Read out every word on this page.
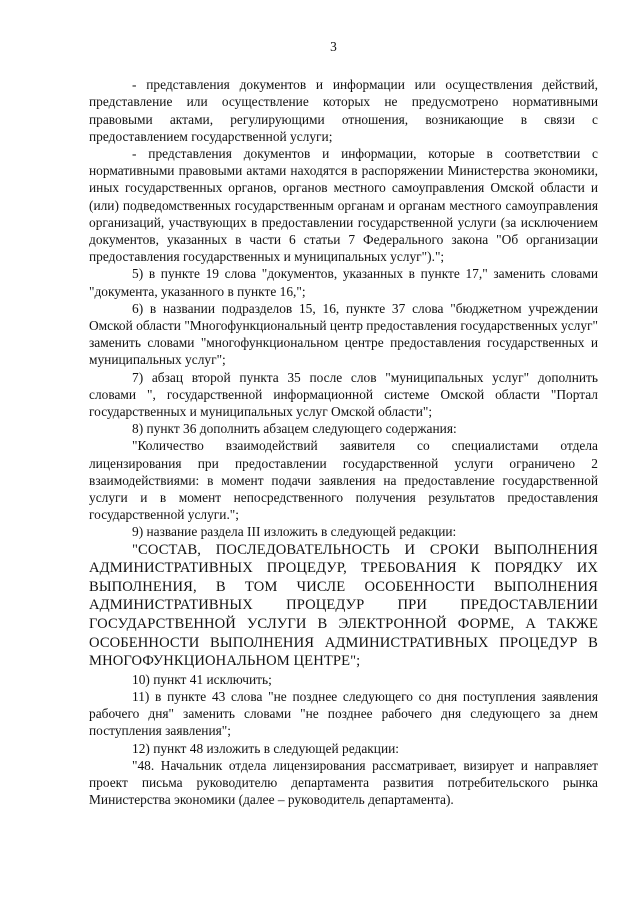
3

- представления документов и информации или осуществления действий, представление или осуществление которых не предусмотрено нормативными правовыми актами, регулирующими отношения, возникающие в связи с предоставлением государственной услуги;

- представления документов и информации, которые в соответствии с нормативными правовыми актами находятся в распоряжении Министерства экономики, иных государственных органов, органов местного самоуправления Омской области и (или) подведомственных государственным органам и органам местного самоуправления организаций, участвующих в предоставлении государственной услуги (за исключением документов, указанных в части 6 статьи 7 Федерального закона "Об организации предоставления государственных и муниципальных услуг").";

5) в пункте 19 слова "документов, указанных в пункте 17," заменить словами "документа, указанного в пункте 16,";

6) в названии подразделов 15, 16, пункте 37 слова "бюджетном учреждении Омской области "Многофункциональный центр предоставления государственных услуг" заменить словами "многофункциональном центре предоставления государственных и муниципальных услуг";

7) абзац второй пункта 35 после слов "муниципальных услуг" дополнить словами ", государственной информационной системе Омской области "Портал государственных и муниципальных услуг Омской области";

8) пункт 36 дополнить абзацем следующего содержания:

"Количество взаимодействий заявителя со специалистами отдела лицензирования при предоставлении государственной услуги ограничено 2 взаимодействиями: в момент подачи заявления на предоставление государственной услуги и в момент непосредственного получения результатов предоставления государственной услуги.";

9) название раздела III изложить в следующей редакции:

"СОСТАВ, ПОСЛЕДОВАТЕЛЬНОСТЬ И СРОКИ ВЫПОЛНЕНИЯ АДМИНИСТРАТИВНЫХ ПРОЦЕДУР, ТРЕБОВАНИЯ К ПОРЯДКУ ИХ ВЫПОЛНЕНИЯ, В ТОМ ЧИСЛЕ ОСОБЕННОСТИ ВЫПОЛНЕНИЯ АДМИНИСТРАТИВНЫХ ПРОЦЕДУР ПРИ ПРЕДОСТАВЛЕНИИ ГОСУДАРСТВЕННОЙ УСЛУГИ В ЭЛЕКТРОННОЙ ФОРМЕ, А ТАКЖЕ ОСОБЕННОСТИ ВЫПОЛНЕНИЯ АДМИНИСТРАТИВНЫХ ПРОЦЕДУР В МНОГОФУНКЦИОНАЛЬНОМ ЦЕНТРЕ";

10) пункт 41 исключить;

11) в пункте 43 слова "не позднее следующего со дня поступления заявления рабочего дня" заменить словами "не позднее рабочего дня следующего за днем поступления заявления";

12) пункт 48 изложить в следующей редакции:

"48. Начальник отдела лицензирования рассматривает, визирует и направляет проект письма руководителю департамента развития потребительского рынка Министерства экономики (далее – руководитель департамента).
